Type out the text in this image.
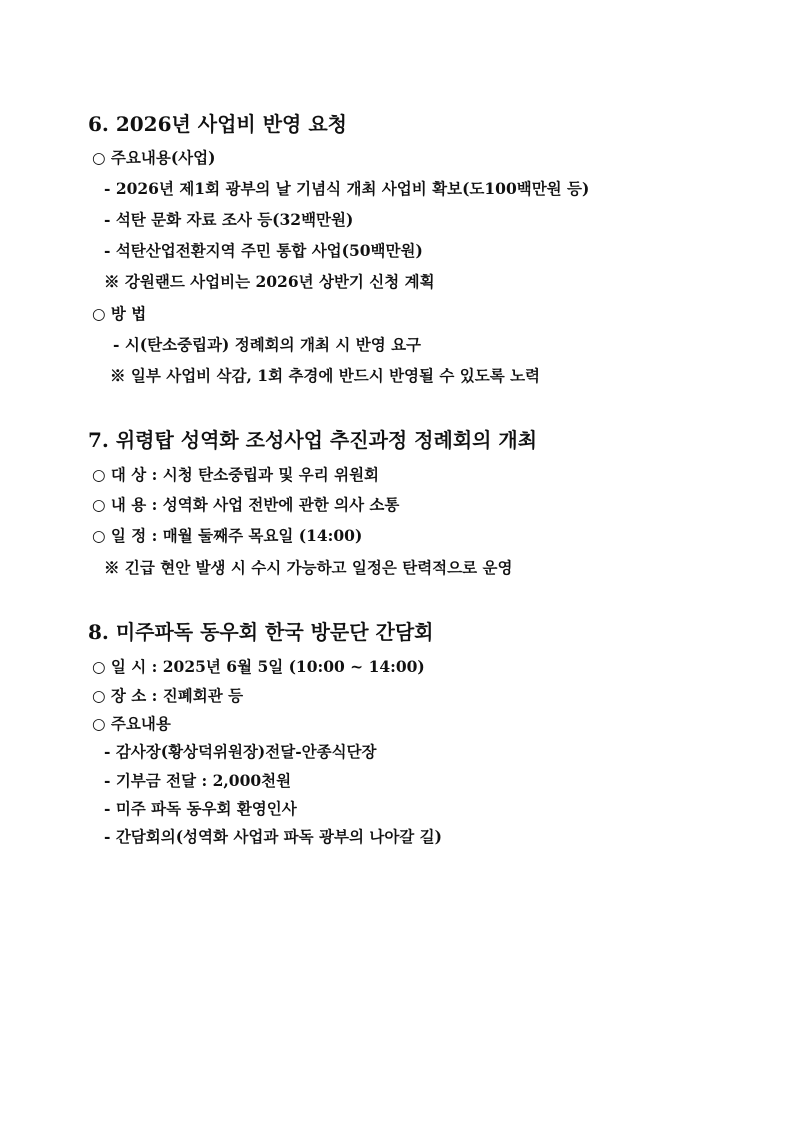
6. 2026년 사업비 반영 요청
○ 주요내용(사업)
- 2026년 제1회 광부의 날 기념식 개최 사업비 확보(도100백만원 등)
- 석탄 문화 자료 조사 등(32백만원)
- 석탄산업전환지역 주민 통합 사업(50백만원)
※ 강원랜드 사업비는 2026년 상반기 신청 계획
○ 방 법
- 시(탄소중립과) 정례회의 개최 시 반영 요구
※ 일부 사업비 삭감, 1회 추경에 반드시 반영될 수 있도록 노력
7. 위령탑 성역화 조성사업 추진과정 정례회의 개최
○ 대 상 : 시청 탄소중립과 및 우리 위원회
○ 내 용 : 성역화 사업 전반에 관한 의사 소통
○ 일 정 : 매월 둘째주 목요일 (14:00)
※ 긴급 현안 발생 시 수시 가능하고 일정은 탄력적으로 운영
8. 미주파독 동우회 한국 방문단 간담회
○ 일 시 : 2025년 6월 5일 (10:00 ~ 14:00)
○ 장 소 : 진폐회관 등
○ 주요내용
- 감사장(황상덕위원장)전달-안종식단장
- 기부금 전달 : 2,000천원
- 미주 파독 동우회 환영인사
- 간담회의(성역화 사업과 파독 광부의 나아갈 길)
